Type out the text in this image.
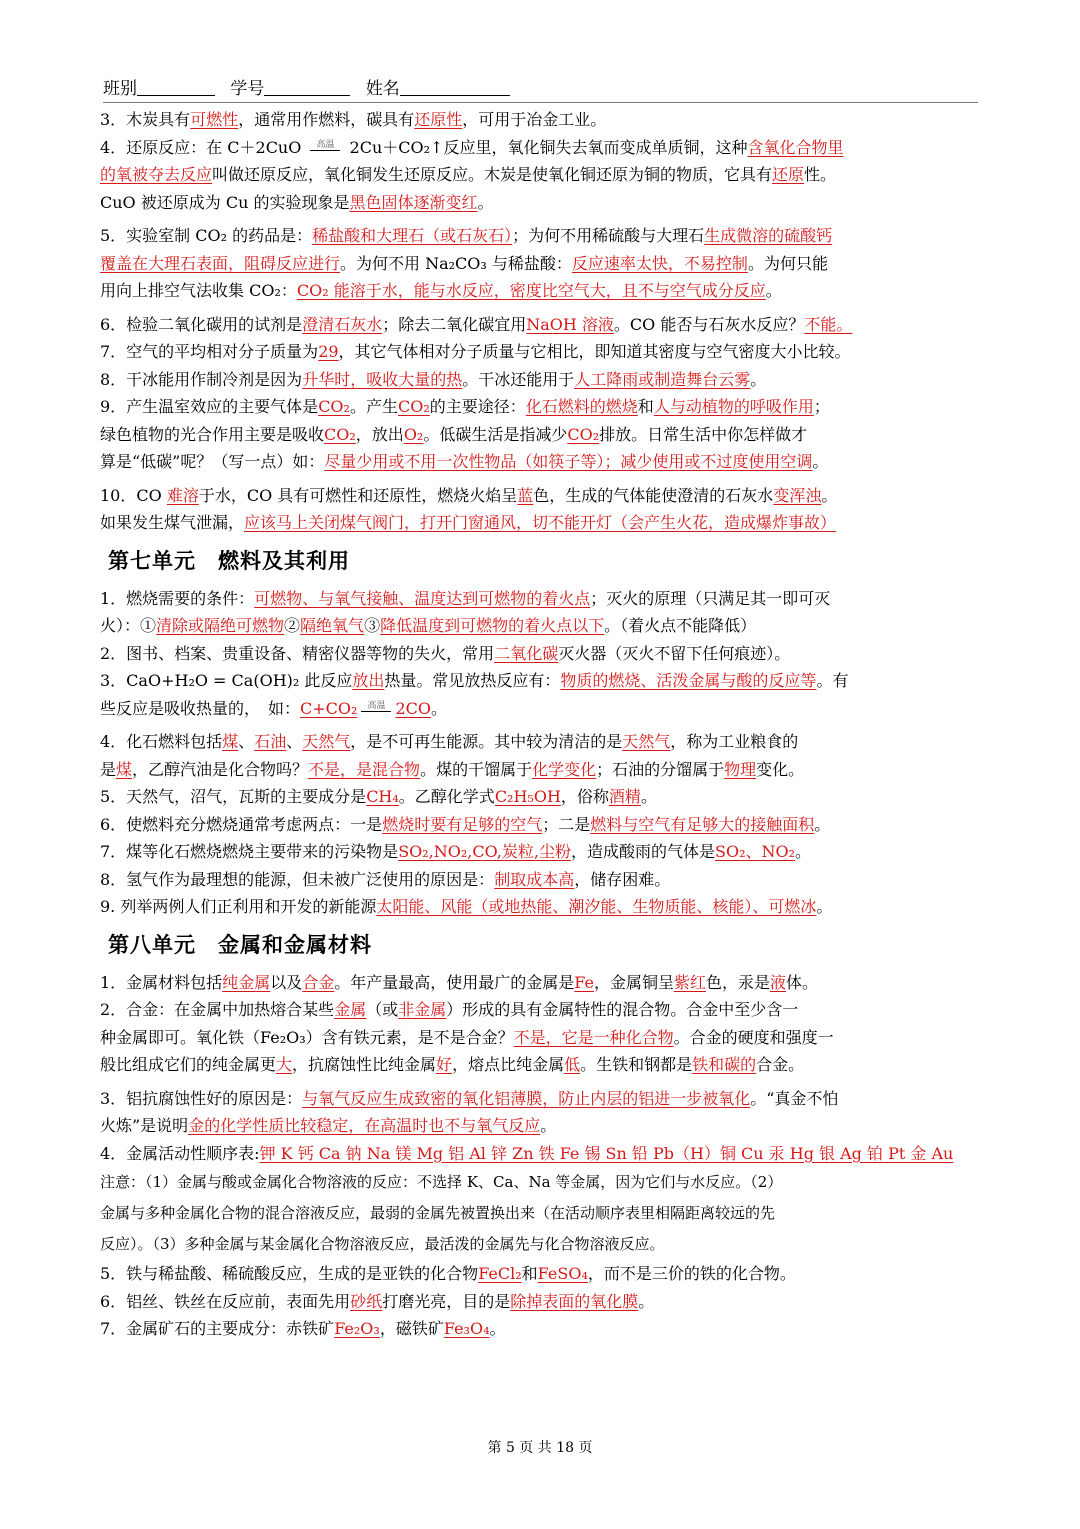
班别	学号	姓名
3．木炭具有可燃性，通常用作燃料，碳具有还原性，可用于冶金工业。
4．还原反应：在 C＋2CuO 高温 2Cu＋CO₂↑反应里，氧化铜失去氧而变成单质铜，这种含氧化合物里
的氧被夺去反应叫做还原反应，氧化铜发生还原反应。木炭是使氧化铜还原为铜的物质，它具有还原性。
CuO 被还原成为 Cu 的实验现象是黑色固体逐渐变红。
5．实验室制 CO₂ 的药品是：稀盐酸和大理石（或石灰石）；为何不用稀硫酸与大理石生成微溶的硫酸钙
覆盖在大理石表面，阻碍反应进行。为何不用 Na₂CO₃ 与稀盐酸：反应速率太快，不易控制。为何只能
用向上排空气法收集 CO₂：CO₂ 能溶于水，能与水反应，密度比空气大，且不与空气成分反应。
6．检验二氧化碳用的试剂是澄清石灰水；除去二氧化碳宜用NaOH 溶液。CO 能否与石灰水反应？不能。
7．空气的平均相对分子质量为29，其它气体相对分子质量与它相比，即知道其密度与空气密度大小比较。
8．干冰能用作制冷剂是因为升华时，吸收大量的热。干冰还能用于人工降雨或制造舞台云雾。
9．产生温室效应的主要气体是CO₂。产生CO₂的主要途径：化石燃料的燃烧和人与动植物的呼吸作用；
绿色植物的光合作用主要是吸收CO₂，放出O₂。低碳生活是指减少CO₂排放。日常生活中你怎样做才
算是“低碳”呢？（写一点）如：尽量少用或不用一次性物品（如筷子等）；减少使用或不过度使用空调。
10．CO 难溶于水，CO 具有可燃性和还原性，燃烧火焰呈蓝色，生成的气体能使澄清的石灰水变浑浊。
如果发生煤气泄漏，应该马上关闭煤气阀门，打开门窗通风，切不能开灯（会产生火花，造成爆炸事故）
第七单元　燃料及其利用
1．燃烧需要的条件：可燃物、与氧气接触、温度达到可燃物的着火点；灭火的原理（只满足其一即可灭
火）：①清除或隔绝可燃物②隔绝氧气③降低温度到可燃物的着火点以下。（着火点不能降低）
2．图书、档案、贵重设备、精密仪器等物的失火，常用二氧化碳灭火器（灭火不留下任何痕迹）。
3．CaO+H₂O = Ca(OH)₂ 此反应放出热量。常见放热反应有：物质的燃烧、活泼金属与酸的反应等。有
些反应是吸收热量的，　如：C+CO₂ 高温 2CO。
4．化石燃料包括煤、石油、天然气，是不可再生能源。其中较为清洁的是天然气，称为工业粮食的
是煤，乙醇汽油是化合物吗？不是，是混合物。煤的干馏属于化学变化；石油的分馏属于物理变化。
5．天然气，沼气，瓦斯的主要成分是CH₄。乙醇化学式C₂H₅OH，俗称酒精。
6．使燃料充分燃烧通常考虑两点：一是燃烧时要有足够的空气；二是燃料与空气有足够大的接触面积。
7．煤等化石燃烧燃烧主要带来的污染物是SO₂,NO₂,CO,炭粒,尘粉，造成酸雨的气体是SO₂、NO₂。
8．氢气作为最理想的能源，但未被广泛使用的原因是：制取成本高，储存困难。
9. 列举两例人们正利用和开发的新能源太阳能、风能（或地热能、潮汐能、生物质能、核能）、可燃冰。
第八单元　金属和金属材料
1．金属材料包括纯金属以及合金。年产量最高，使用最广的金属是Fe，金属铜呈紫红色，汞是液体。
2．合金：在金属中加热熔合某些金属（或非金属）形成的具有金属特性的混合物。合金中至少含一
种金属即可。氧化铁（Fe₂O₃）含有铁元素，是不是合金？不是，它是一种化合物。合金的硬度和强度一
般比组成它们的纯金属更大，抗腐蚀性比纯金属好，熔点比纯金属低。生铁和钢都是铁和碳的合金。
3．铝抗腐蚀性好的原因是：与氧气反应生成致密的氧化铝薄膜，防止内层的铝进一步被氧化。“真金不怕
火炼”是说明金的化学性质比较稳定，在高温时也不与氧气反应。
4．金属活动性顺序表:钾 K 钙 Ca 钠 Na 镁 Mg 铝 Al 锌 Zn 铁 Fe 锡 Sn 铅 Pb（H）铜 Cu 汞 Hg 银 Ag 铂 Pt 金 Au
注意：（1）金属与酸或金属化合物溶液的反应：不选择 K、Ca、Na 等金属，因为它们与水反应。（2）
金属与多种金属化合物的混合溶液反应，最弱的金属先被置换出来（在活动顺序表里相隔距离较远的先
反应）。（3）多种金属与某金属化合物溶液反应，最活泼的金属先与化合物溶液反应。
5．铁与稀盐酸、稀硫酸反应，生成的是亚铁的化合物FeCl₂和FeSO₄，而不是三价的铁的化合物。
6．铝丝、铁丝在反应前，表面先用砂纸打磨光亮，目的是除掉表面的氧化膜。
7．金属矿石的主要成分：赤铁矿Fe₂O₃，磁铁矿Fe₃O₄。
第 5 页 共 18 页
